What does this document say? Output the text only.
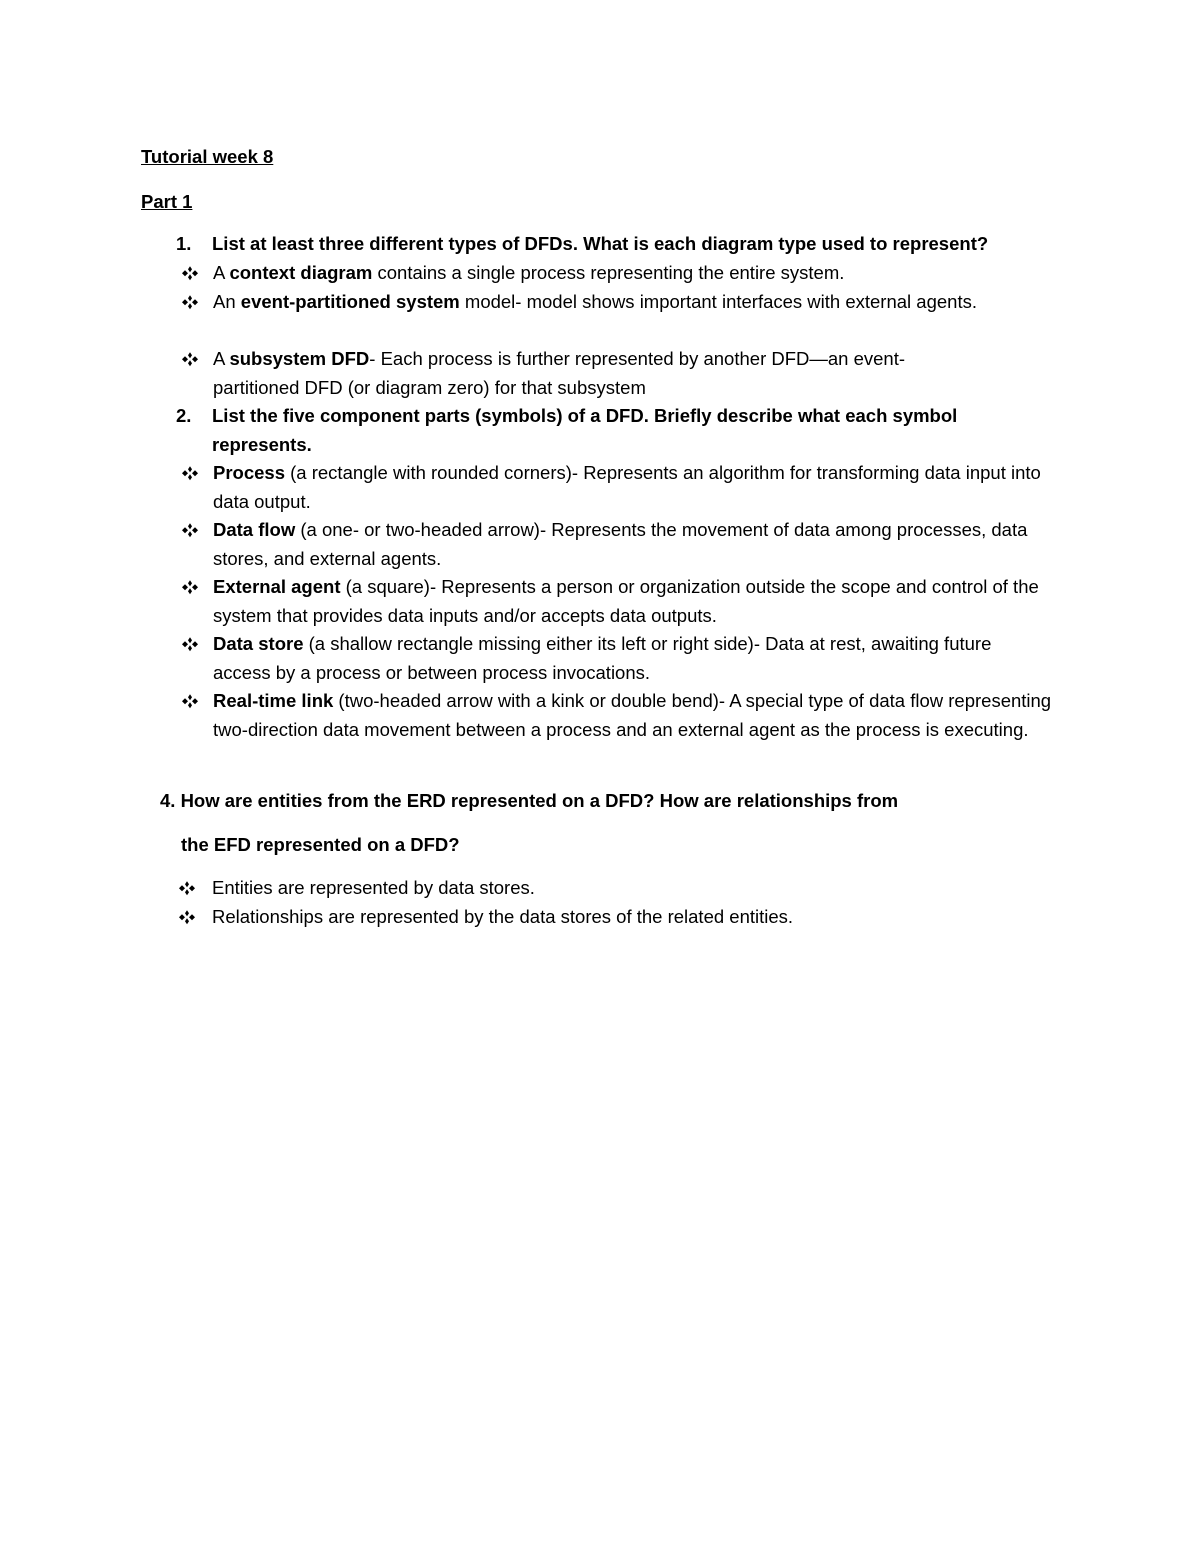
Tutorial week 8
Part 1
1. List at least three different types of DFDs. What is each diagram type used to represent?
A context diagram contains a single process representing the entire system.
An event-partitioned system model- model shows important interfaces with external agents.
A subsystem DFD- Each process is further represented by another DFD—an event-partitioned DFD (or diagram zero) for that subsystem
2. List the five component parts (symbols) of a DFD. Briefly describe what each symbol represents.
Process (a rectangle with rounded corners)- Represents an algorithm for transforming data input into data output.
Data flow (a one- or two-headed arrow)- Represents the movement of data among processes, data stores, and external agents.
External agent (a square)- Represents a person or organization outside the scope and control of the system that provides data inputs and/or accepts data outputs.
Data store (a shallow rectangle missing either its left or right side)- Data at rest, awaiting future access by a process or between process invocations.
Real-time link (two-headed arrow with a kink or double bend)- A special type of data flow representing two-direction data movement between a process and an external agent as the process is executing.
4. How are entities from the ERD represented on a DFD? How are relationships from
the EFD represented on a DFD?
Entities are represented by data stores.
Relationships are represented by the data stores of the related entities.
